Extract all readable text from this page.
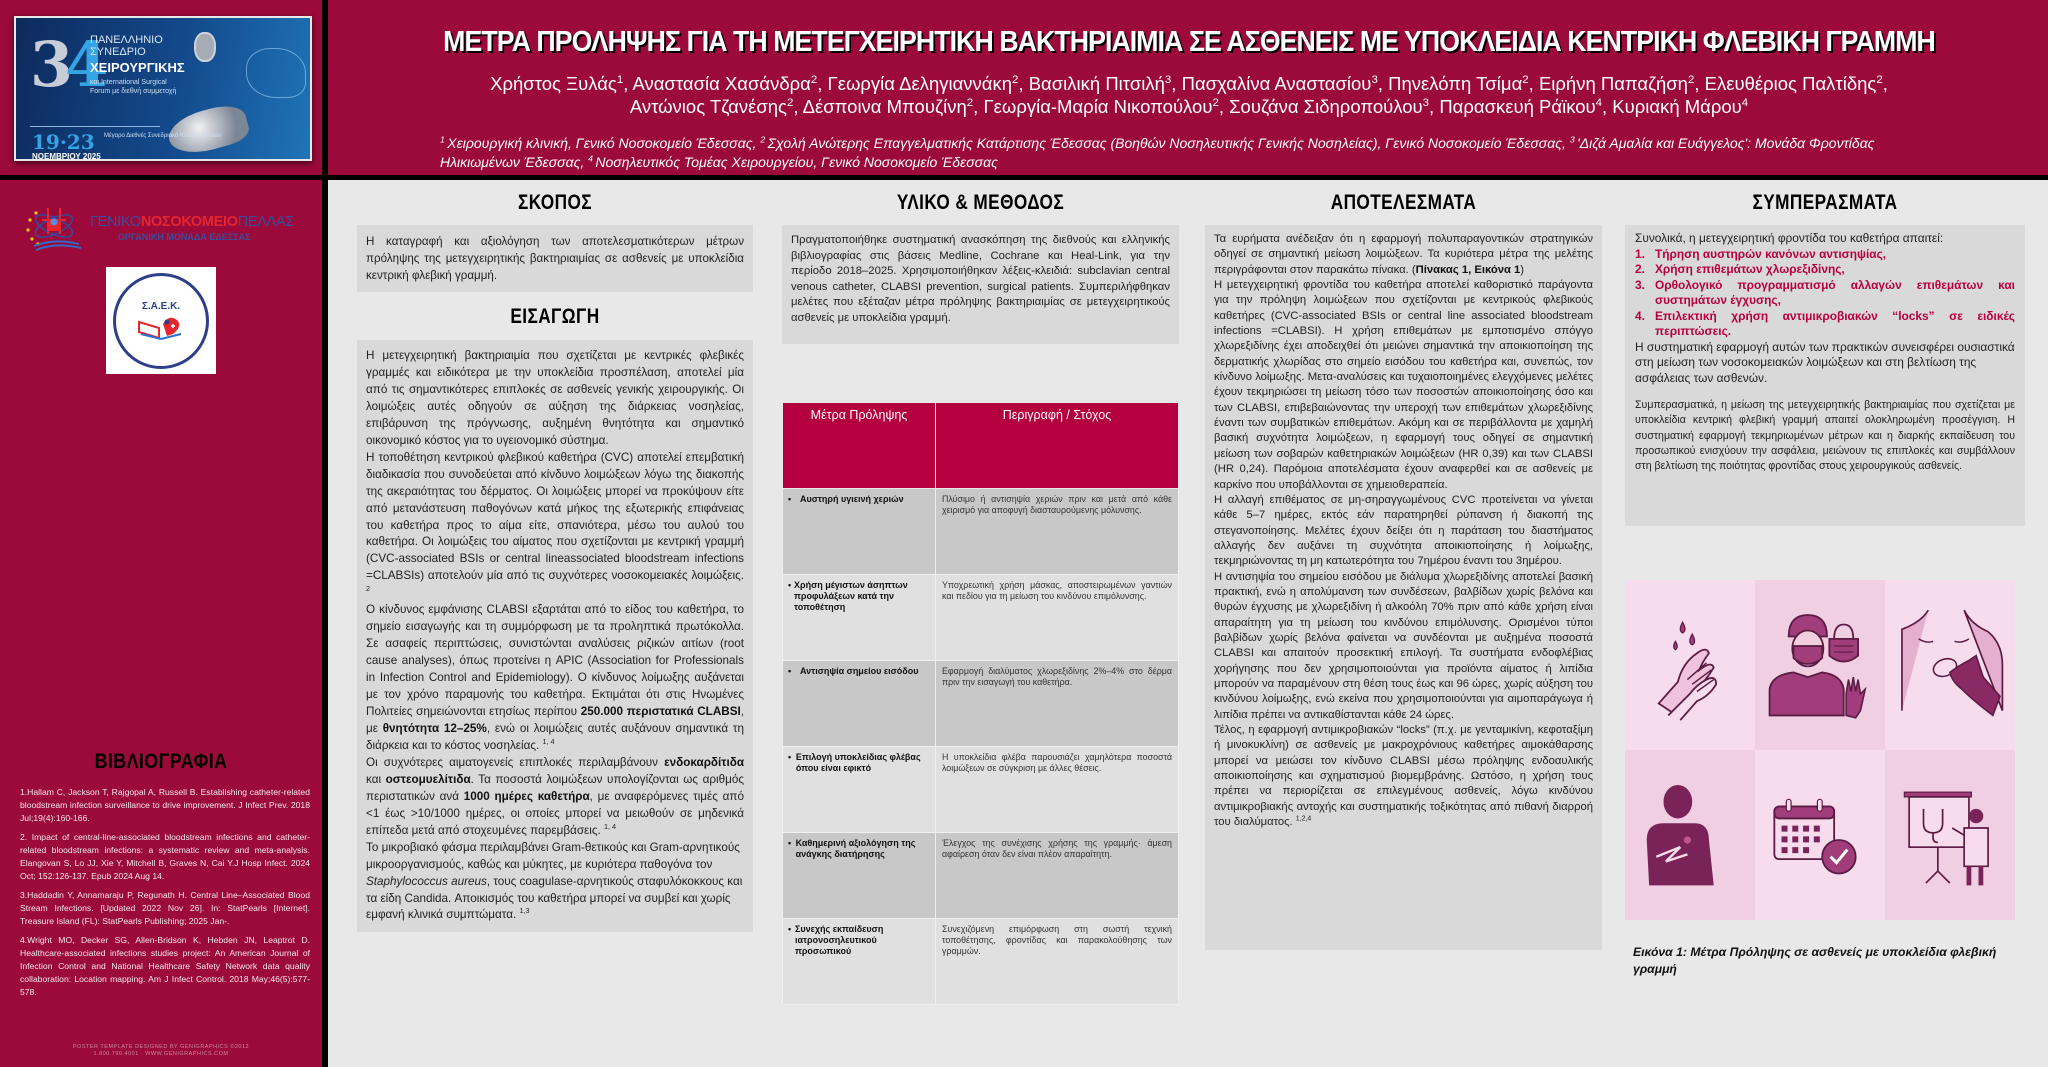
34
ΠΑΝΕΛΛΗΝΙΟ
ΣΥΝΕΔΡΙΟ
ΧΕΙΡΟΥΡΓΙΚΗΣ
και International Surgical Forum με διεθνή συμμετοχή
19·23
ΝΟΕΜΒΡΙΟΥ 2025
Μέγαρο Διεθνές Συνεδριακό Κέντρο Αθηνών
ΜΕΤΡΑ ΠΡΟΛΗΨΗΣ ΓΙΑ ΤΗ ΜΕΤΕΓΧΕΙΡΗΤΙΚΗ ΒΑΚΤΗΡΙΑΙΜΙΑ ΣΕ ΑΣΘΕΝΕΙΣ ΜΕ ΥΠΟΚΛΕΙΔΙΑ ΚΕΝΤΡΙΚΗ ΦΛΕΒΙΚΗ ΓΡΑΜΜΗ
Χρήστος Ξυλάς$^1$, Αναστασία Χασάνδρα$^2$, Γεωργία Δεληγιαννάκη$^2$, Βασιλική Πιτσιλή$^3$, Πασχαλίνα Αναστασίου$^3$, Πηνελόπη Τσίμα$^2$, Ειρήνη Παπαζήση$^2$, Ελευθέριος Παλτίδης$^2$,
Αντώνιος Τζανέσης$^2$, Δέσποινα Μπουζίνη$^2$, Γεωργία-Μαρία Νικοπούλου$^2$, Σουζάνα Σιδηροπούλου$^3$, Παρασκευή Ράϊκου$^4$, Κυριακή Μάρου$^4$
$^1$ Χειρουργική κλινική, Γενικό Νοσοκομείο Έδεσσας, $^2$ Σχολή Ανώτερης Επαγγελματικής Κατάρτισης Έδεσσας (Βοηθών Νοσηλευτικής Γενικής Νοσηλείας), Γενικό Νοσοκομείο Έδεσσας, $^3$ 'Διζά Αμαλία και Ευάγγελος': Μονάδα Φροντίδας Ηλικιωμένων Έδεσσας, $^4$ Νοσηλευτικός Τομέας Χειρουργείου, Γενικό Νοσοκομείο Έδεσσας
ΓΕΝΙΚΟΝΟΣΟΚΟΜΕΙΟΠΕΛΛΑΣ
ΟΡΓΑΝΙΚΗ ΜΟΝΑΔΑ ΕΔΕΣΣΑΣ
Σ.Α.Ε.Κ.
ΒΙΒΛΙΟΓΡΑΦΙΑ

1.Hallam C, Jackson T, Rajgopal A, Russell B. Establishing catheter-related bloodstream infection surveillance to drive improvement. J Infect Prev. 2018 Jul;19(4):160-166.

2. Impact of central-line-associated bloodstream infections and catheter-related bloodstream infections: a systematic review and meta-analysis. Elangovan S, Lo JJ, Xie Y, Mitchell B, Graves N, Cai Y.J Hosp Infect. 2024 Oct; 152:126-137. Epub 2024 Aug 14.

3.Haddadin Y, Annamaraju P, Regunath H. Central Line–Associated Blood Stream Infections. [Updated 2022 Nov 26]. In: StatPearls [Internet]. Treasure Island (FL): StatPearls Publishing; 2025 Jan-.

4.Wright MO, Decker SG, Allen-Bridson K, Hebden JN, Leaptrot D. Healthcare-associated infections studies project: An American Journal of Infection Control and National Healthcare Safety Network data quality collaboration: Location mapping. Am J Infect Control. 2018 May;46(5):577-578.

POSTER TEMPLATE DESIGNED BY GENIGRAPHICS ©2012
1.800.790.4001 · WWW.GENIGRAPHICS.COM
ΣΚΟΠΟΣ

Η καταγραφή και αξιολόγηση των αποτελεσματικότερων μέτρων πρόληψης της μετεγχειρητικής βακτηριαιμίας σε ασθενείς με υποκλείδια κεντρική φλεβική γραμμή.

ΕΙΣΑΓΩΓΗ

Η μετεγχειρητική βακτηριαιμία που σχετίζεται με κεντρικές φλεβικές γραμμές και ειδικότερα με την υποκλείδια προσπέλαση, αποτελεί μία από τις σημαντικότερες επιπλοκές σε ασθενείς γενικής χειρουργικής. Οι λοιμώξεις αυτές οδηγούν σε αύξηση της διάρκειας νοσηλείας, επιβάρυνση της πρόγνωσης, αυξημένη θνητότητα και σημαντικό οικονομικό κόστος για το υγειονομικό σύστημα.

Η τοποθέτηση κεντρικού φλεβικού καθετήρα (CVC) αποτελεί επεμβατική διαδικασία που συνοδεύεται από κίνδυνο λοιμώξεων λόγω της διακοπής της ακεραιότητας του δέρματος. Οι λοιμώξεις μπορεί να προκύψουν είτε από μετανάστευση παθογόνων κατά μήκος της εξωτερικής επιφάνειας του καθετήρα προς το αίμα είτε, σπανιότερα, μέσω του αυλού του καθετήρα. Οι λοιμώξεις του αίματος που σχετίζονται με κεντρική γραμμή (CVC-associated BSIs or central lineassociated bloodstream infections =CLABSIs) αποτελούν μία από τις συχνότερες νοσοκομειακές λοιμώξεις. $^2$

Ο κίνδυνος εμφάνισης CLABSI εξαρτάται από το είδος του καθετήρα, το σημείο εισαγωγής και τη συμμόρφωση με τα προληπτικά πρωτόκολλα. Σε ασαφείς περιπτώσεις, συνιστώνται αναλύσεις ριζικών αιτίων (root cause analyses), όπως προτείνει η APIC (Association for Professionals in Infection Control and Epidemiology). Ο κίνδυνος λοίμωξης αυξάνεται με τον χρόνο παραμονής του καθετήρα. Εκτιμάται ότι στις Ηνωμένες Πολιτείες σημειώνονται ετησίως περίπου 250.000 περιστατικά CLABSI, με θνητότητα 12–25%, ενώ οι λοιμώξεις αυτές αυξάνουν σημαντικά τη διάρκεια και το κόστος νοσηλείας. $^{1, 4}$

Οι συχνότερες αιματογενείς επιπλοκές περιλαμβάνουν ενδοκαρδίτιδα και οστεομυελίτιδα. Τα ποσοστά λοιμώξεων υπολογίζονται ως αριθμός περιστατικών ανά 1000 ημέρες καθετήρα, με αναφερόμενες τιμές από <1 έως >10/1000 ημέρες, οι οποίες μπορεί να μειωθούν σε μηδενικά επίπεδα μετά από στοχευμένες παρεμβάσεις. $^{1, 4}$

Το μικροβιακό φάσμα περιλαμβάνει Gram-θετικούς και Gram-αρνητικούς μικροοργανισμούς, καθώς και μύκητες, με κυριότερα παθογόνα τον Staphylococcus aureus, τους coagulase-αρνητικούς σταφυλόκοκκους και τα είδη Candida. Αποικισμός του καθετήρα μπορεί να συμβεί και χωρίς εμφανή κλινικά συμπτώματα. $^{1,3}$

ΥΛΙΚΟ & ΜΕΘΟΔΟΣ

Πραγματοποιήθηκε συστηματική ανασκόπηση της διεθνούς και ελληνικής βιβλιογραφίας στις βάσεις Medline, Cochrane και Heal-Link, για την περίοδο 2018–2025. Χρησιμοποιήθηκαν λέξεις-κλειδιά: subclavian central venous catheter, CLABSI prevention, surgical patients. Συμπεριλήφθηκαν μελέτες που εξέταζαν μέτρα πρόληψης βακτηριαιμίας σε μετεγχειρητικούς ασθενείς με υποκλείδια γραμμή.

Μέτρα Πρόληψης	Περιγραφή / Στόχος

• Αυστηρή υγιεινή χεριών	Πλύσιμο ή αντισηψία χεριών πριν και μετά από κάθε χειρισμό για αποφυγή διασταυρούμενης μόλυνσης.

• Χρήση μέγιστων άσηπτων προφυλάξεων κατά την τοποθέτηση	Υποχρεωτική χρήση μάσκας, αποστειρωμένων γαντιών και πεδίου για τη μείωση του κινδύνου επιμόλυνσης.

• Αντισηψία σημείου εισόδου	Εφαρμογή διαλύματος χλωρεξιδίνης 2%–4% στο δέρμα πριν την εισαγωγή του καθετήρα.

• Επιλογή υποκλείδιας φλέβας όπου είναι εφικτό	Η υποκλείδια φλέβα παρουσιάζει χαμηλότερα ποσοστά λοιμώξεων σε σύγκριση με άλλες θέσεις.

• Καθημερινή αξιολόγηση της ανάγκης διατήρησης	Έλεγχος της συνέχισης χρήσης της γραμμής· άμεση αφαίρεση όταν δεν είναι πλέον απαραίτητη.

• Συνεχής εκπαίδευση ιατρονοσηλευτικού προσωπικού	Συνεχιζόμενη επιμόρφωση στη σωστή τεχνική τοποθέτησης, φροντίδας και παρακολούθησης των γραμμών.
ΑΠΟΤΕΛΕΣΜΑΤΑ

Τα ευρήματα ανέδειξαν ότι η εφαρμογή πολυπαραγοντικών στρατηγικών οδηγεί σε σημαντική μείωση λοιμώξεων. Τα κυριότερα μέτρα της μελέτης περιγράφονται στον παρακάτω πίνακα. (Πίνακας 1, Εικόνα 1)

Η μετεγχειρητική φροντίδα του καθετήρα αποτελεί καθοριστικό παράγοντα για την πρόληψη λοιμώξεων που σχετίζονται με κεντρικούς φλεβικούς καθετήρες (CVC-associated BSIs or central line associated bloodstream infections =CLABSI). Η χρήση επιθεμάτων με εμποτισμένο σπόγγο χλωρεξιδίνης έχει αποδειχθεί ότι μειώνει σημαντικά την αποικιοποίηση της δερματικής χλωρίδας στο σημείο εισόδου του καθετήρα και, συνεπώς, τον κίνδυνο λοίμωξης. Μετα-αναλύσεις και τυχαιοποιημένες ελεγχόμενες μελέτες έχουν τεκμηριώσει τη μείωση τόσο των ποσοστών αποικιοποίησης όσο και των CLABSI, επιβεβαιώνοντας την υπεροχή των επιθεμάτων χλωρεξιδίνης έναντι των συμβατικών επιθεμάτων. Ακόμη και σε περιβάλλοντα με χαμηλή βασική συχνότητα λοιμώξεων, η εφαρμογή τους οδηγεί σε σημαντική μείωση των σοβαρών καθετηριακών λοιμώξεων (HR 0,39) και των CLABSI (HR 0,24). Παρόμοια αποτελέσματα έχουν αναφερθεί και σε ασθενείς με καρκίνο που υποβάλλονται σε χημειοθεραπεία.

Η αλλαγή επιθέματος σε μη-σηραγγωμένους CVC προτείνεται να γίνεται κάθε 5–7 ημέρες, εκτός εάν παρατηρηθεί ρύπανση ή διακοπή της στεγανοποίησης. Μελέτες έχουν δείξει ότι η παράταση του διαστήματος αλλαγής δεν αυξάνει τη συχνότητα αποικιοποίησης ή λοίμωξης, τεκμηριώνοντας τη μη κατωτερότητα του 7ημέρου έναντι του 3ημέρου.

Η αντισηψία του σημείου εισόδου με διάλυμα χλωρεξιδίνης αποτελεί βασική πρακτική, ενώ η απολύμανση των συνδέσεων, βαλβίδων χωρίς βελόνα και θυρών έγχυσης με χλωρεξιδίνη ή αλκοόλη 70% πριν από κάθε χρήση είναι απαραίτητη για τη μείωση του κινδύνου επιμόλυνσης. Ορισμένοι τύποι βαλβίδων χωρίς βελόνα φαίνεται να συνδέονται με αυξημένα ποσοστά CLABSI και απαιτούν προσεκτική επιλογή. Τα συστήματα ενδοφλέβιας χορήγησης που δεν χρησιμοποιούνται για προϊόντα αίματος ή λιπίδια μπορούν να παραμένουν στη θέση τους έως και 96 ώρες, χωρίς αύξηση του κινδύνου λοίμωξης, ενώ εκείνα που χρησιμοποιούνται για αιμοπαράγωγα ή λιπίδια πρέπει να αντικαθίστανται κάθε 24 ώρες.

Τέλος, η εφαρμογή αντιμικροβιακών “locks” (π.χ. με γενταμικίνη, κεφοταξίμη ή μινοκυκλίνη) σε ασθενείς με μακροχρόνιους καθετήρες αιμοκάθαρσης μπορεί να μειώσει τον κίνδυνο CLABSI μέσω πρόληψης ενδοαυλικής αποικιοποίησης και σχηματισμού βιομεμβράνης. Ωστόσο, η χρήση τους πρέπει να περιορίζεται σε επιλεγμένους ασθενείς, λόγω κινδύνου αντιμικροβιακής αντοχής και συστηματικής τοξικότητας από πιθανή διαρροή του διαλύματος. $^{1,2,4}$

ΣΥΜΠΕΡΑΣΜΑΤΑ

Συνολικά, η μετεγχειρητική φροντίδα του καθετήρα απαιτεί:

1. Τήρηση αυστηρών κανόνων αντισηψίας,
2. Χρήση επιθεμάτων χλωρεξιδίνης,
3. Ορθολογικό προγραμματισμό αλλαγών επιθεμάτων και συστημάτων έγχυσης,
4. Επιλεκτική χρήση αντιμικροβιακών “locks” σε ειδικές περιπτώσεις.

Η συστηματική εφαρμογή αυτών των πρακτικών συνεισφέρει ουσιαστικά στη μείωση των νοσοκομειακών λοιμώξεων και στη βελτίωση της ασφάλειας των ασθενών.

Συμπερασματικά, η μείωση της μετεγχειρητικής βακτηριαιμίας που σχετίζεται με υποκλείδια κεντρική φλεβική γραμμή απαιτεί ολοκληρωμένη προσέγγιση. Η συστηματική εφαρμογή τεκμηριωμένων μέτρων και η διαρκής εκπαίδευση του προσωπικού ενισχύουν την ασφάλεια, μειώνουν τις επιπλοκές και συμβάλλουν στη βελτίωση της ποιότητας φροντίδας στους χειρουργικούς ασθενείς.

Εικόνα 1: Μέτρα Πρόληψης σε ασθενείς με υποκλείδια φλεβική γραμμή
